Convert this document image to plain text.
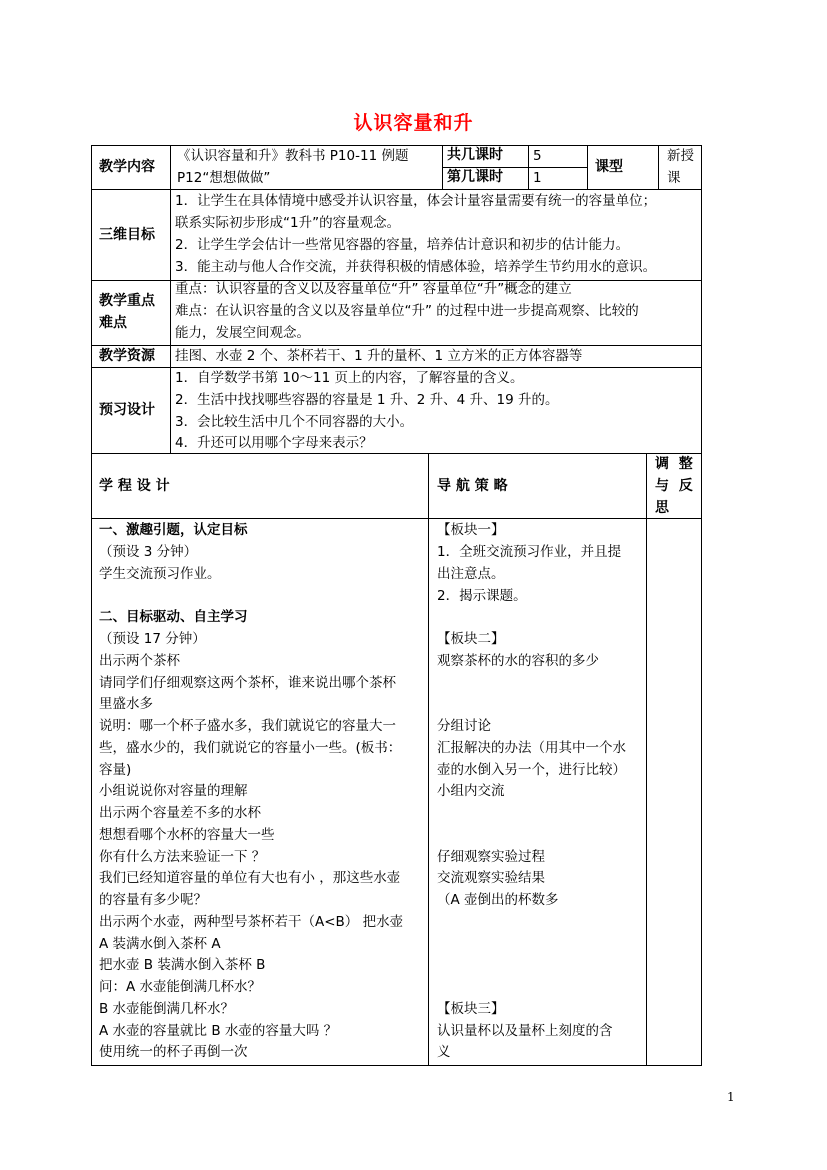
认识容量和升
教学内容
《认识容量和升》教科书 P10-11 例题
P12“想想做做”
共几课时 5
第几课时 1
课型
新授
课
三维目标
1．让学生在具体情境中感受并认识容量，体会计量容量需要有统一的容量单位；
联系实际初步形成“1升”的容量观念。
2．让学生学会估计一些常见容器的容量，培养估计意识和初步的估计能力。
3．能主动与他人合作交流，并获得积极的情感体验，培养学生节约用水的意识。
教学重点
难点
重点：认识容量的含义以及容量单位“升” 容量单位“升”概念的建立
难点：在认识容量的含义以及容量单位“升” 的过程中进一步提高观察、比较的
能力，发展空间观念。
教学资源 挂图、水壶 2 个、茶杯若干、1 升的量杯、1 立方米的正方体容器等
预习设计
1．自学数学书第 10～11 页上的内容，了解容量的含义。
2．生活中找找哪些容器的容量是 1 升、2 升、4 升、19 升的。
3．会比较生活中几个不同容器的大小。
4．升还可以用哪个字母来表示？
学 程 设 计	导 航 策 略
调  整
与  反
思
一、激趣引题，认定目标
（预设 3 分钟）
学生交流预习作业。
二、目标驱动、自主学习
（预设 17 分钟）
出示两个茶杯
请同学们仔细观察这两个茶杯，谁来说出哪个茶杯
里盛水多
说明：哪一个杯子盛水多，我们就说它的容量大一
些，盛水少的，我们就说它的容量小一些。(板书：
容量)
小组说说你对容量的理解
出示两个容量差不多的水杯
想想看哪个水杯的容量大一些
你有什么方法来验证一下 ？
我们已经知道容量的单位有大也有小 ，那这些水壶
的容量有多少呢？
出示两个水壶，两种型号茶杯若干（A<B） 把水壶
A 装满水倒入茶杯 A
把水壶 B 装满水倒入茶杯 B
问：A 水壶能倒满几杯水？
B 水壶能倒满几杯水？
A 水壶的容量就比 B 水壶的容量大吗 ？
使用统一的杯子再倒一次
【板块一】
1．全班交流预习作业，并且提
出注意点。
2．揭示课题。
【板块二】
观察茶杯的水的容积的多少
分组讨论
汇报解决的办法（用其中一个水
壶的水倒入另一个，进行比较）
小组内交流
仔细观察实验过程
交流观察实验结果
（A 壶倒出的杯数多
【板块三】
认识量杯以及量杯上刻度的含
义
1
